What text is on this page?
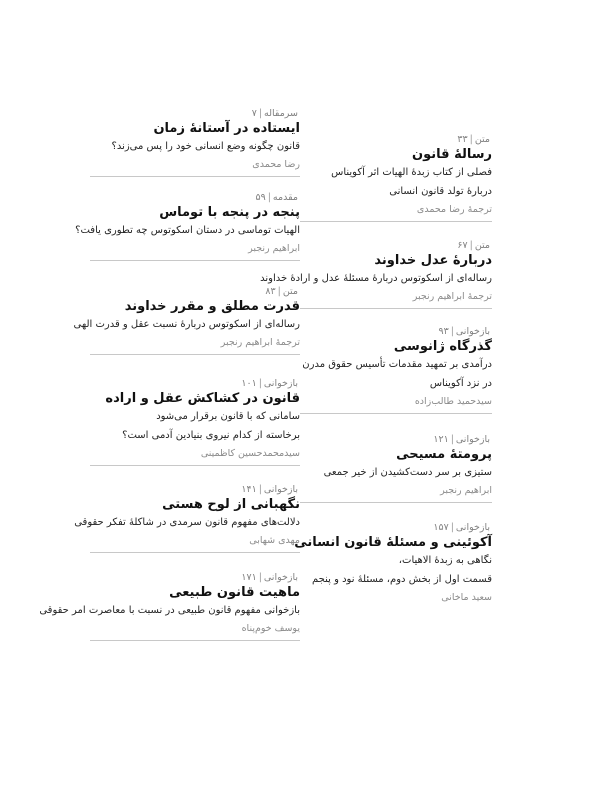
سرمقاله|۷
ایستاده در آستانهٔ زمان
قانون چگونه وضع انسانی خود را پس می‌زند؟
رضا محمدی
مقدمه|۵۹
پنجه در پنجه با توماس
الهیات توماسی در دستان اسکوتوس چه تطوری یافت؟
ابراهیم رنجبر
متن|۸۳
قدرت مطلق و مقرر خداوند
رساله‌ای از اسکوتوس دربارهٔ نسبت عقل و قدرت الهی
ترجمهٔ ابراهیم رنجبر
بازخوانی|۱۰۱
قانون در کشاکش عقل و اراده
سامانی که با قانون برقرار می‌شود
برخاسته از کدام نیروی بنیادین آدمی است؟
سیدمحمدحسین کاظمینی
بازخوانی|۱۴۱
نگهبانی از لوح هستی
دلالت‌های مفهوم قانون سرمدی در شاکلهٔ تفکر حقوقی
مهدی شهابی
بازخوانی|۱۷۱
ماهیت قانون طبیعی
بازخوانی مفهوم قانون طبیعی در نسبت با معاصرت امر حقوقی
یوسف خوم‌پناه
متن|۳۳
رسالهٔ قانون
فصلی از کتاب زبدهٔ الهیات اثر آکویناس
دربارهٔ تولد قانون انسانی
ترجمهٔ رضا محمدی
متن|۶۷
دربارهٔ عدل خداوند
رساله‌ای از اسکوتوس دربارهٔ مسئلهٔ عدل و ارادهٔ خداوند
ترجمهٔ ابراهیم رنجبر
بازخوانی|۹۳
گذرگاه ژانوسی
درآمدی بر تمهید مقدمات تأسیس حقوق مدرن
در نزد آکویناس
سیدحمید طالب‌زاده
بازخوانی|۱۲۱
پرومتهٔ مسیحی
ستیزی بر سر دست‌کشیدن از خیر جمعی
ابراهیم رنجبر
بازخوانی|۱۵۷
آکوئینی و مسئلهٔ قانون انسانی
نگاهی به زبدهٔ الاهیات،
قسمت اول از بخش دوم، مسئلهٔ نود و پنجم
سعید ماخانی
